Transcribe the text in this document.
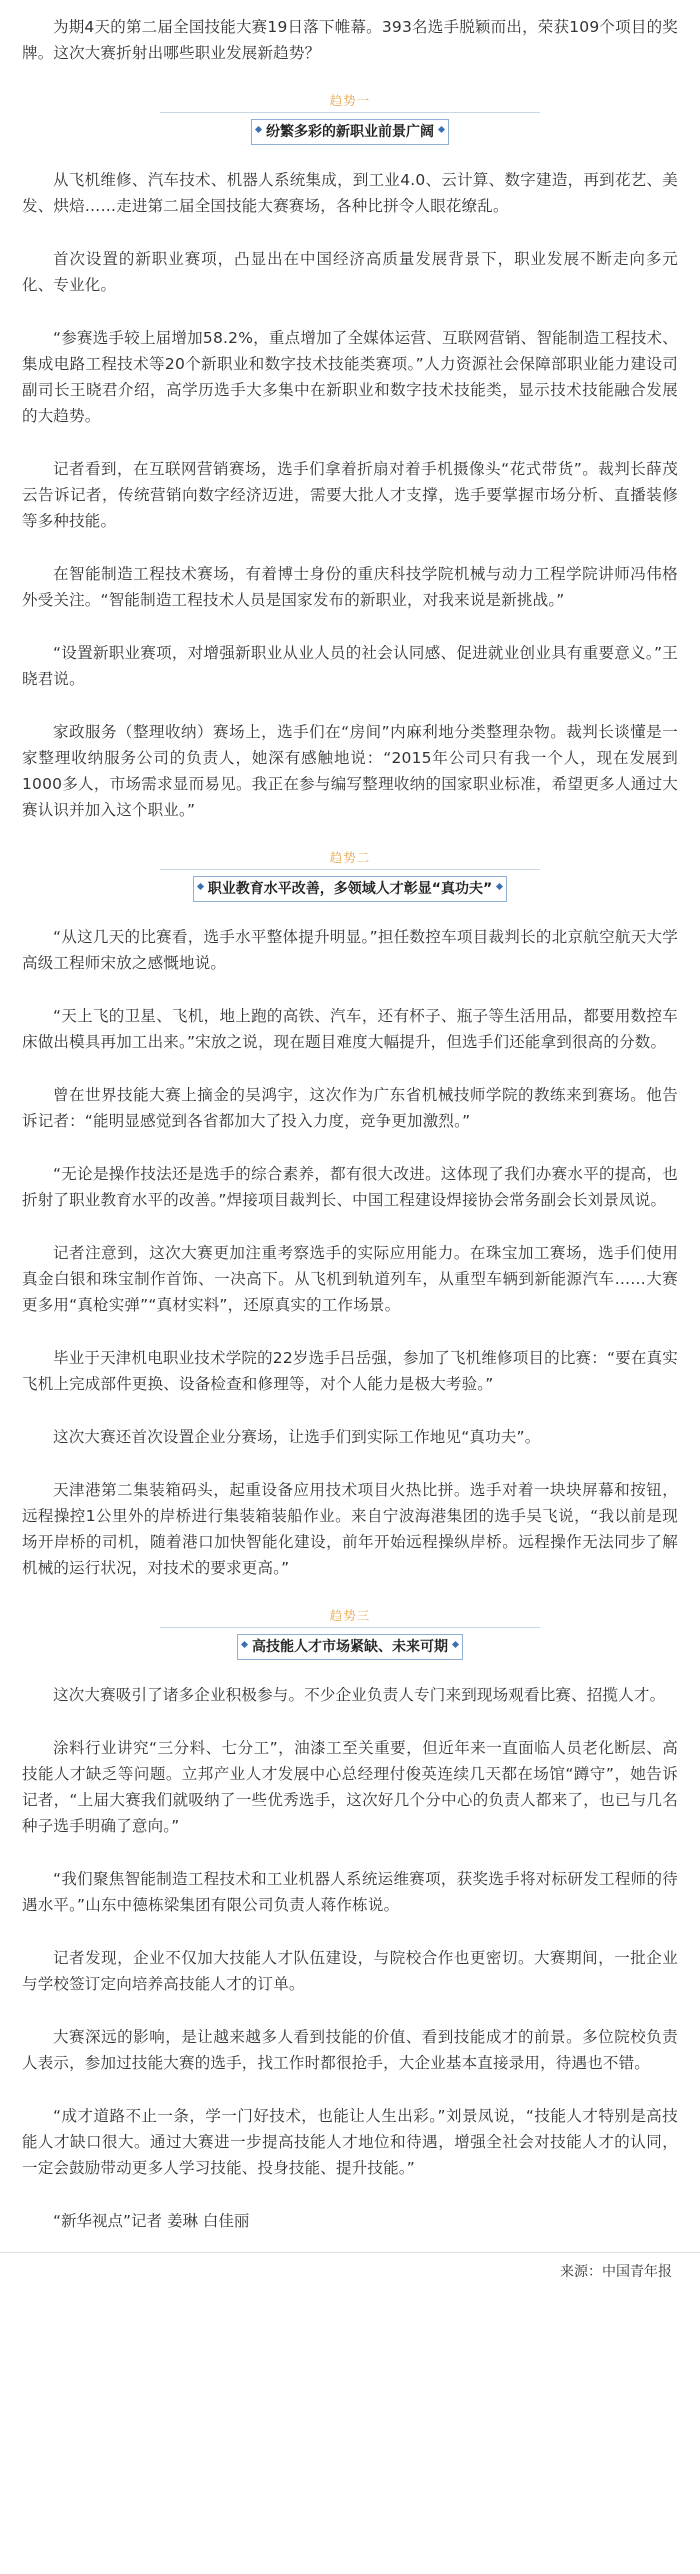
为期4天的第二届全国技能大赛19日落下帷幕。393名选手脱颖而出，荣获109个项目的奖牌。这次大赛折射出哪些职业发展新趋势？

趋势一
纷繁多彩的新职业前景广阔

从飞机维修、汽车技术、机器人系统集成，到工业4.0、云计算、数字建造，再到花艺、美发、烘焙……走进第二届全国技能大赛赛场，各种比拼令人眼花缭乱。

首次设置的新职业赛项，凸显出在中国经济高质量发展背景下，职业发展不断走向多元化、专业化。

“参赛选手较上届增加58.2%，重点增加了全媒体运营、互联网营销、智能制造工程技术、集成电路工程技术等20个新职业和数字技术技能类赛项。”人力资源社会保障部职业能力建设司副司长王晓君介绍，高学历选手大多集中在新职业和数字技术技能类，显示技术技能融合发展的大趋势。

记者看到，在互联网营销赛场，选手们拿着折扇对着手机摄像头“花式带货”。裁判长薛茂云告诉记者，传统营销向数字经济迈进，需要大批人才支撑，选手要掌握市场分析、直播装修等多种技能。

在智能制造工程技术赛场，有着博士身份的重庆科技学院机械与动力工程学院讲师冯伟格外受关注。“智能制造工程技术人员是国家发布的新职业，对我来说是新挑战。”

“设置新职业赛项，对增强新职业从业人员的社会认同感、促进就业创业具有重要意义。”王晓君说。

家政服务（整理收纳）赛场上，选手们在“房间”内麻利地分类整理杂物。裁判长谈懂是一家整理收纳服务公司的负责人，她深有感触地说：“2015年公司只有我一个人，现在发展到1000多人，市场需求显而易见。我正在参与编写整理收纳的国家职业标准，希望更多人通过大赛认识并加入这个职业。”

趋势二
职业教育水平改善，多领域人才彰显“真功夫”

“从这几天的比赛看，选手水平整体提升明显。”担任数控车项目裁判长的北京航空航天大学高级工程师宋放之感慨地说。

“天上飞的卫星、飞机，地上跑的高铁、汽车，还有杯子、瓶子等生活用品，都要用数控车床做出模具再加工出来。”宋放之说，现在题目难度大幅提升，但选手们还能拿到很高的分数。

曾在世界技能大赛上摘金的吴鸿宇，这次作为广东省机械技师学院的教练来到赛场。他告诉记者：“能明显感觉到各省都加大了投入力度，竞争更加激烈。”

“无论是操作技法还是选手的综合素养，都有很大改进。这体现了我们办赛水平的提高，也折射了职业教育水平的改善。”焊接项目裁判长、中国工程建设焊接协会常务副会长刘景凤说。

记者注意到，这次大赛更加注重考察选手的实际应用能力。在珠宝加工赛场，选手们使用真金白银和珠宝制作首饰、一决高下。从飞机到轨道列车，从重型车辆到新能源汽车……大赛更多用“真枪实弹”“真材实料”，还原真实的工作场景。

毕业于天津机电职业技术学院的22岁选手吕岳强，参加了飞机维修项目的比赛：“要在真实飞机上完成部件更换、设备检查和修理等，对个人能力是极大考验。”

这次大赛还首次设置企业分赛场，让选手们到实际工作地见“真功夫”。

天津港第二集装箱码头，起重设备应用技术项目火热比拼。选手对着一块块屏幕和按钮，远程操控1公里外的岸桥进行集装箱装船作业。来自宁波海港集团的选手吴飞说，“我以前是现场开岸桥的司机，随着港口加快智能化建设，前年开始远程操纵岸桥。远程操作无法同步了解机械的运行状况，对技术的要求更高。”

趋势三
高技能人才市场紧缺、未来可期

这次大赛吸引了诸多企业积极参与。不少企业负责人专门来到现场观看比赛、招揽人才。

涂料行业讲究“三分料、七分工”，油漆工至关重要，但近年来一直面临人员老化断层、高技能人才缺乏等问题。立邦产业人才发展中心总经理付俊英连续几天都在场馆“蹲守”，她告诉记者，“上届大赛我们就吸纳了一些优秀选手，这次好几个分中心的负责人都来了，也已与几名种子选手明确了意向。”

“我们聚焦智能制造工程技术和工业机器人系统运维赛项，获奖选手将对标研发工程师的待遇水平。”山东中德栋梁集团有限公司负责人蒋作栋说。

记者发现，企业不仅加大技能人才队伍建设，与院校合作也更密切。大赛期间，一批企业与学校签订定向培养高技能人才的订单。

大赛深远的影响，是让越来越多人看到技能的价值、看到技能成才的前景。多位院校负责人表示，参加过技能大赛的选手，找工作时都很抢手，大企业基本直接录用，待遇也不错。

“成才道路不止一条，学一门好技术，也能让人生出彩。”刘景凤说，“技能人才特别是高技能人才缺口很大。通过大赛进一步提高技能人才地位和待遇，增强全社会对技能人才的认同，一定会鼓励带动更多人学习技能、投身技能、提升技能。”

“新华视点”记者 姜琳 白佳丽

来源：中国青年报
